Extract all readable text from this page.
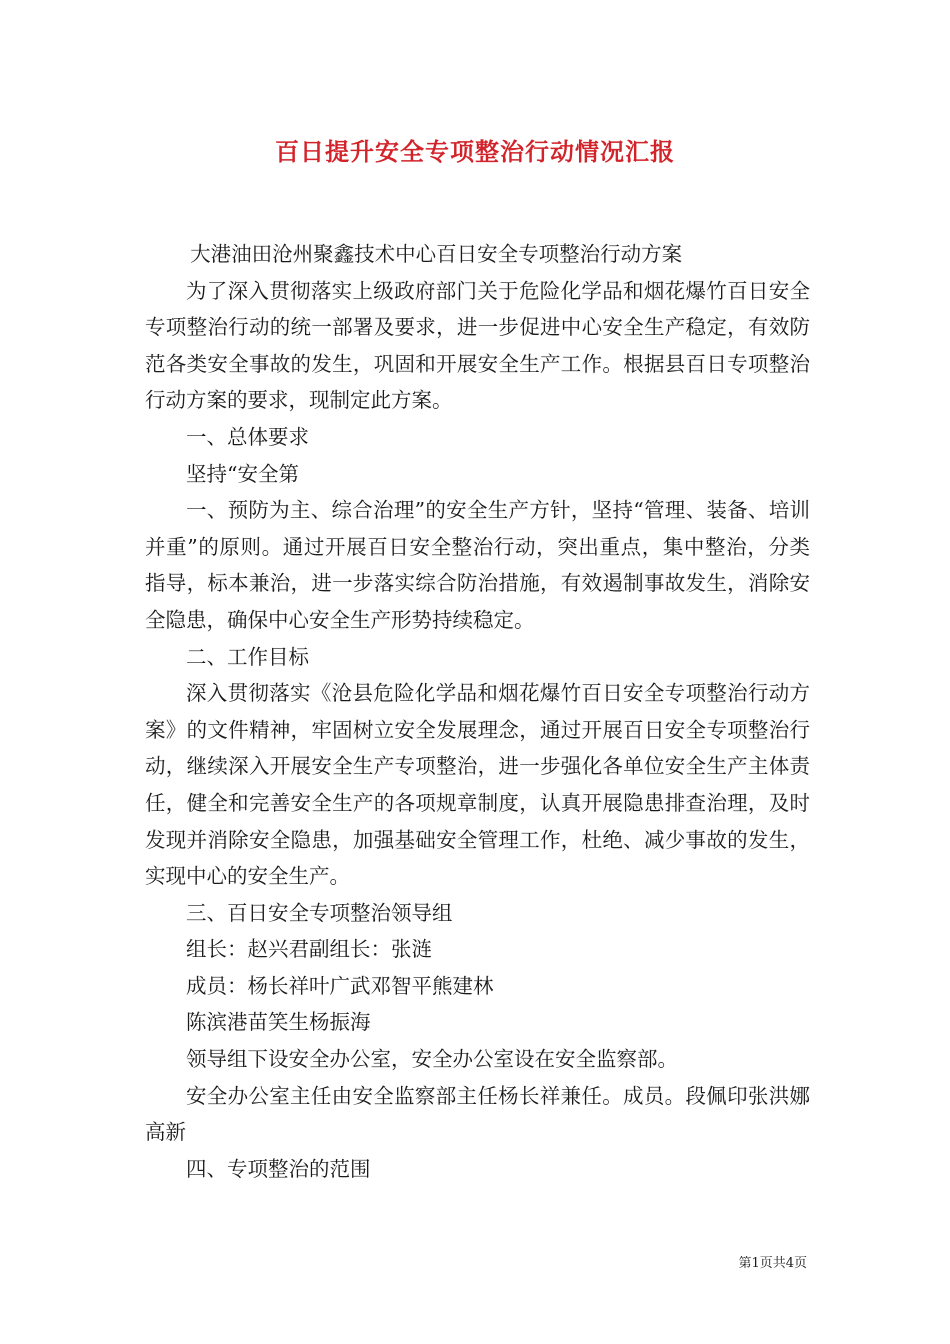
百日提升安全专项整治行动情况汇报

大港油田沧州聚鑫技术中心百日安全专项整治行动方案

为了深入贯彻落实上级政府部门关于危险化学品和烟花爆竹百日安全专项整治行动的统一部署及要求，进一步促进中心安全生产稳定，有效防范各类安全事故的发生，巩固和开展安全生产工作。根据县百日专项整治行动方案的要求，现制定此方案。

一、总体要求

坚持“安全第

一、预防为主、综合治理”的安全生产方针，坚持“管理、装备、培训并重”的原则。通过开展百日安全整治行动，突出重点，集中整治，分类指导，标本兼治，进一步落实综合防治措施，有效遏制事故发生，消除安全隐患，确保中心安全生产形势持续稳定。

二、工作目标

深入贯彻落实《沧县危险化学品和烟花爆竹百日安全专项整治行动方案》的文件精神，牢固树立安全发展理念，通过开展百日安全专项整治行动，继续深入开展安全生产专项整治，进一步强化各单位安全生产主体责任，健全和完善安全生产的各项规章制度，认真开展隐患排查治理，及时发现并消除安全隐患，加强基础安全管理工作，杜绝、减少事故的发生，实现中心的安全生产。

三、百日安全专项整治领导组

组长：赵兴君副组长：张涟

成员：杨长祥叶广武邓智平熊建林

陈滨港苗笑生杨振海

领导组下设安全办公室，安全办公室设在安全监察部。

安全办公室主任由安全监察部主任杨长祥兼任。成员。段佩印张洪娜高新

四、专项整治的范围

第1页共4页
